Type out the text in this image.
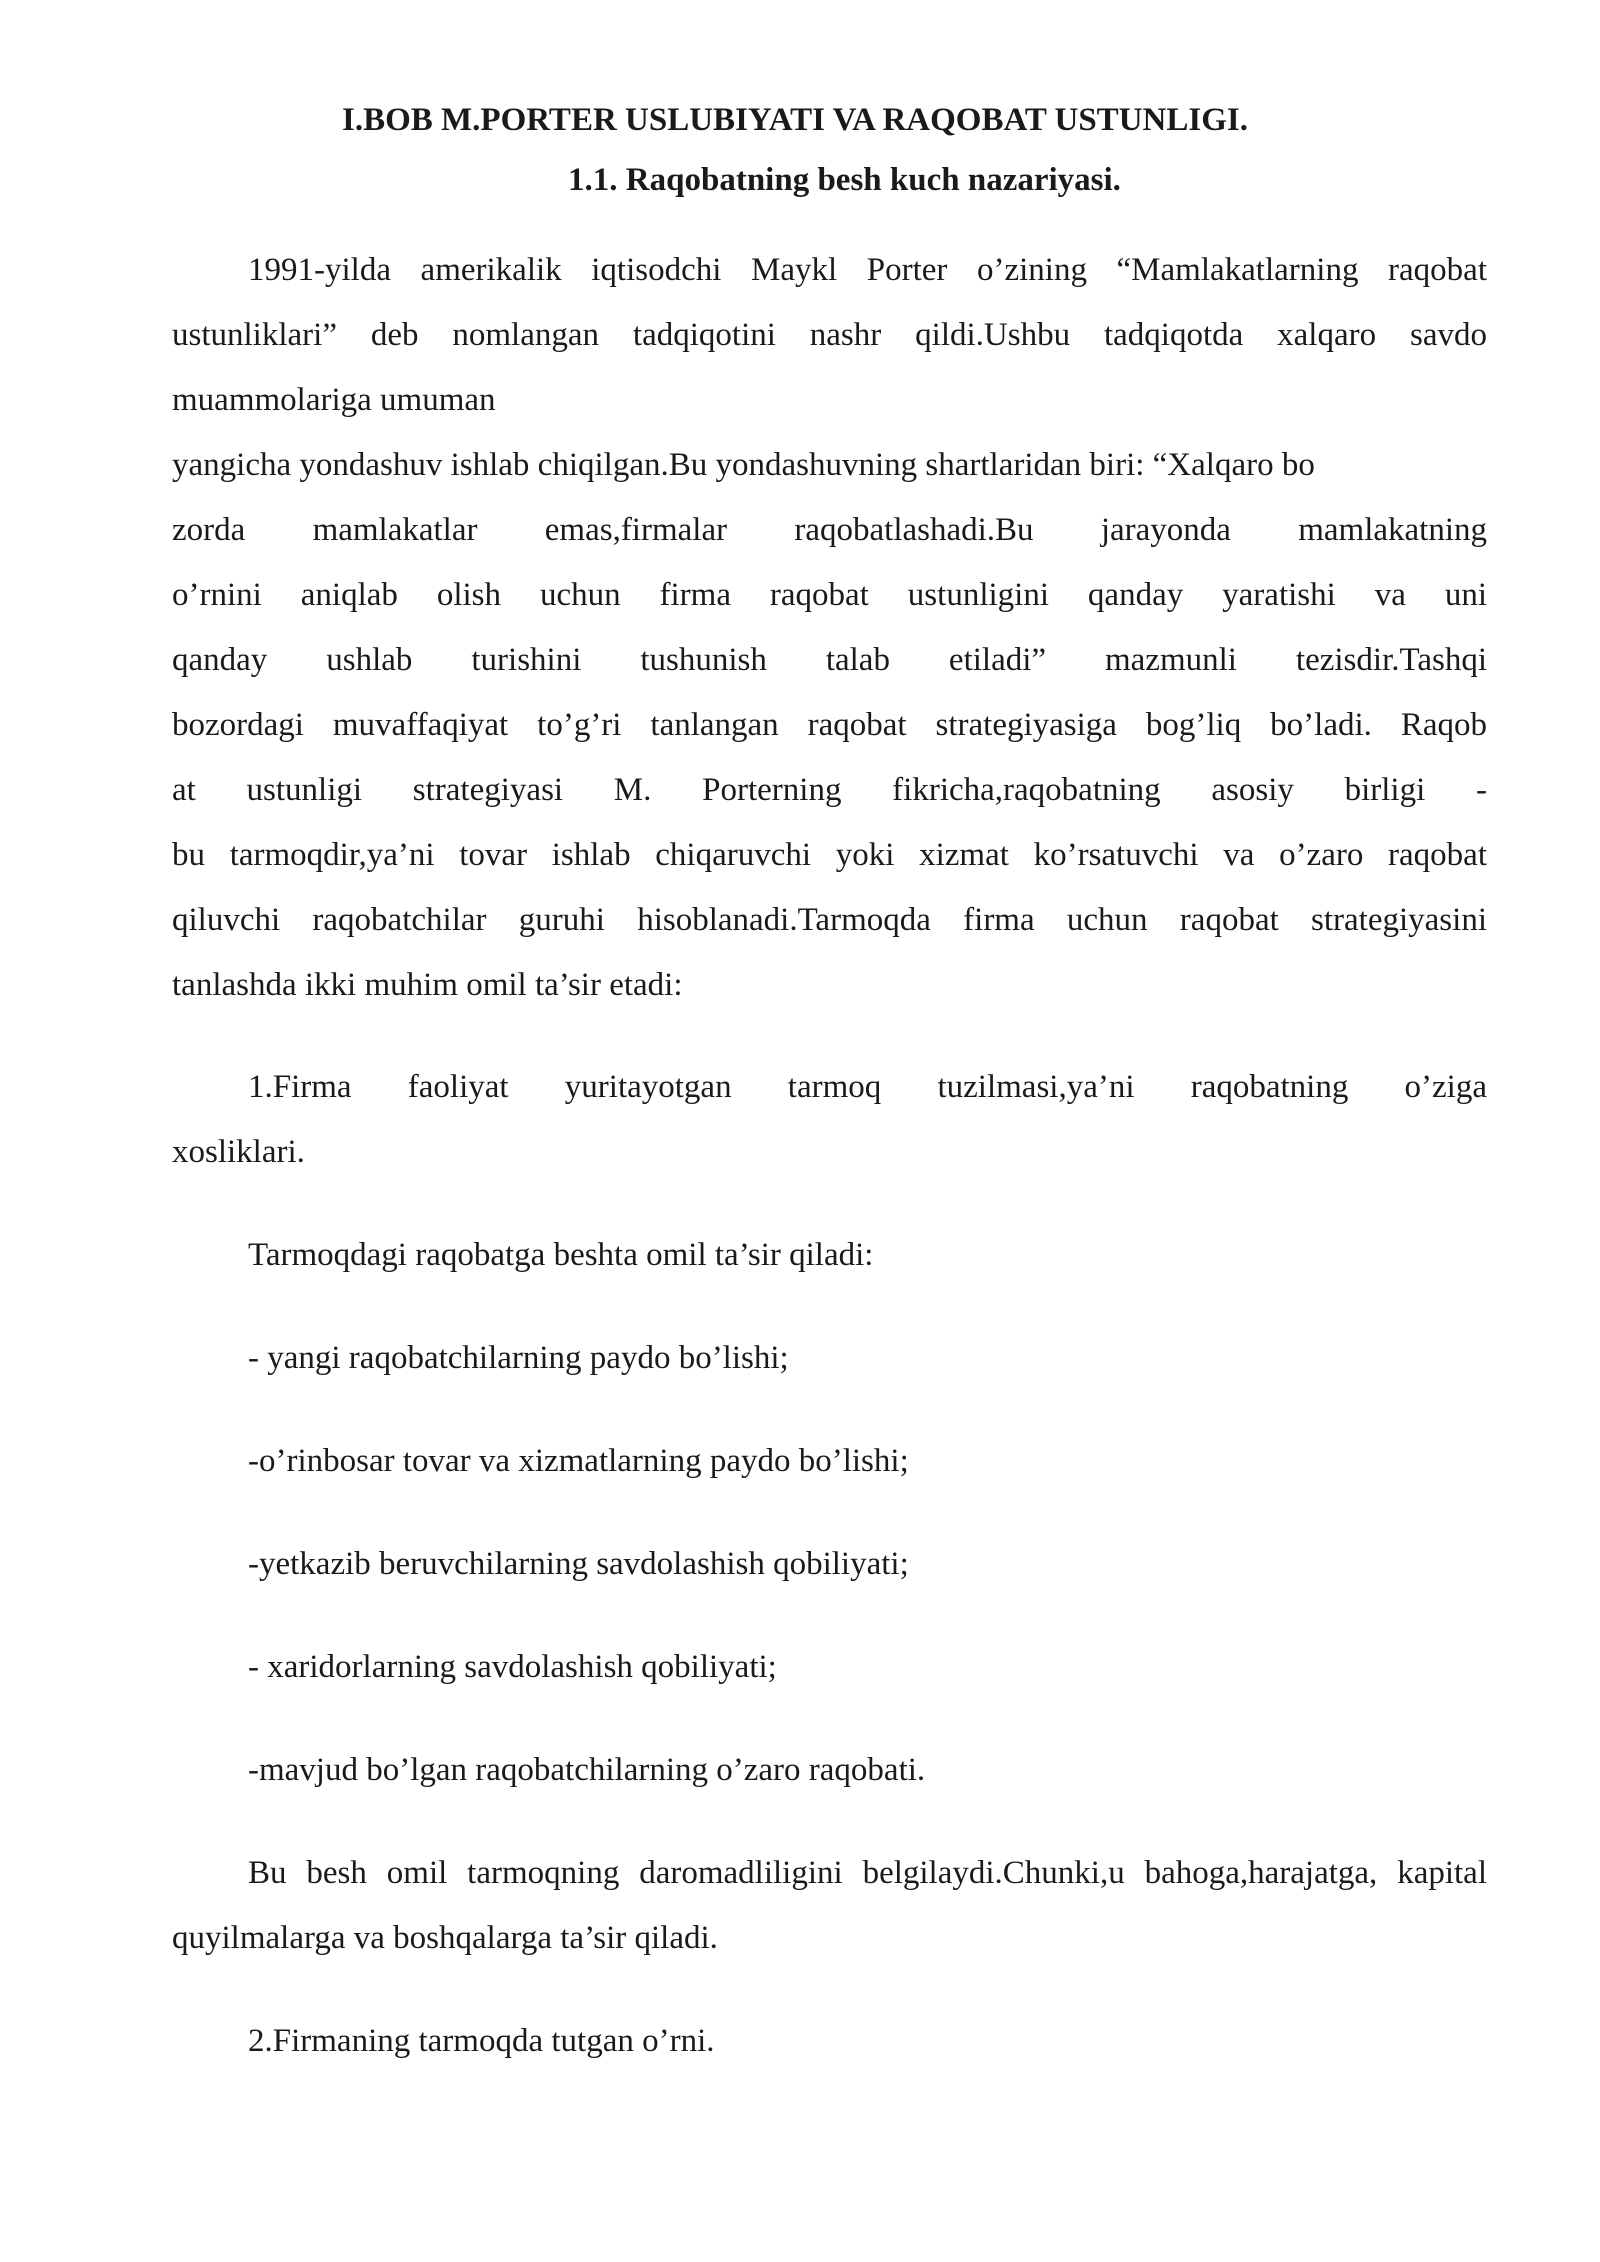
I.BOB M.PORTER USLUBIYATI VA RAQOBAT USTUNLIGI.
1.1. Raqobatning besh kuch nazariyasi.
1991-yilda amerikalik iqtisodchi Maykl Porter o’zining “Mamlakatlarning raqobat
ustunliklari” deb nomlangan tadqiqotini nashr qildi.Ushbu tadqiqotda xalqaro savdo
muammolariga umuman
yangicha yondashuv ishlab chiqilgan.Bu yondashuvning shartlaridan biri: “Xalqaro bo
zorda mamlakatlar emas,firmalar raqobatlashadi.Bu jarayonda mamlakatning
o’rnini aniqlab olish uchun firma raqobat ustunligini qanday yaratishi va uni
qanday ushlab turishini tushunish talab etiladi” mazmunli tezisdir.Tashqi
bozordagi muvaffaqiyat to’g’ri tanlangan raqobat strategiyasiga bog’liq bo’ladi. Raqob
at ustunligi strategiyasi M. Porterning fikricha,raqobatning asosiy birligi -
bu tarmoqdir,ya’ni tovar ishlab chiqaruvchi yoki xizmat ko’rsatuvchi va o’zaro raqobat
qiluvchi raqobatchilar guruhi hisoblanadi.Tarmoqda firma uchun raqobat strategiyasini
tanlashda ikki muhim omil ta’sir etadi:

1.Firma faoliyat yuritayotgan tarmoq tuzilmasi,ya’ni raqobatning o’ziga xosliklari.

Tarmoqdagi raqobatga beshta omil ta’sir qiladi:

- yangi raqobatchilarning paydo bo’lishi;

-o’rinbosar tovar va xizmatlarning paydo bo’lishi;

-yetkazib beruvchilarning savdolashish qobiliyati;

- xaridorlarning savdolashish qobiliyati;

-mavjud bo’lgan raqobatchilarning o’zaro raqobati.

Bu besh omil tarmoqning daromadliligini belgilaydi.Chunki,u bahoga,harajatga, kapital quyilmalarga va boshqalarga ta’sir qiladi.

2.Firmaning tarmoqda tutgan o’rni.
